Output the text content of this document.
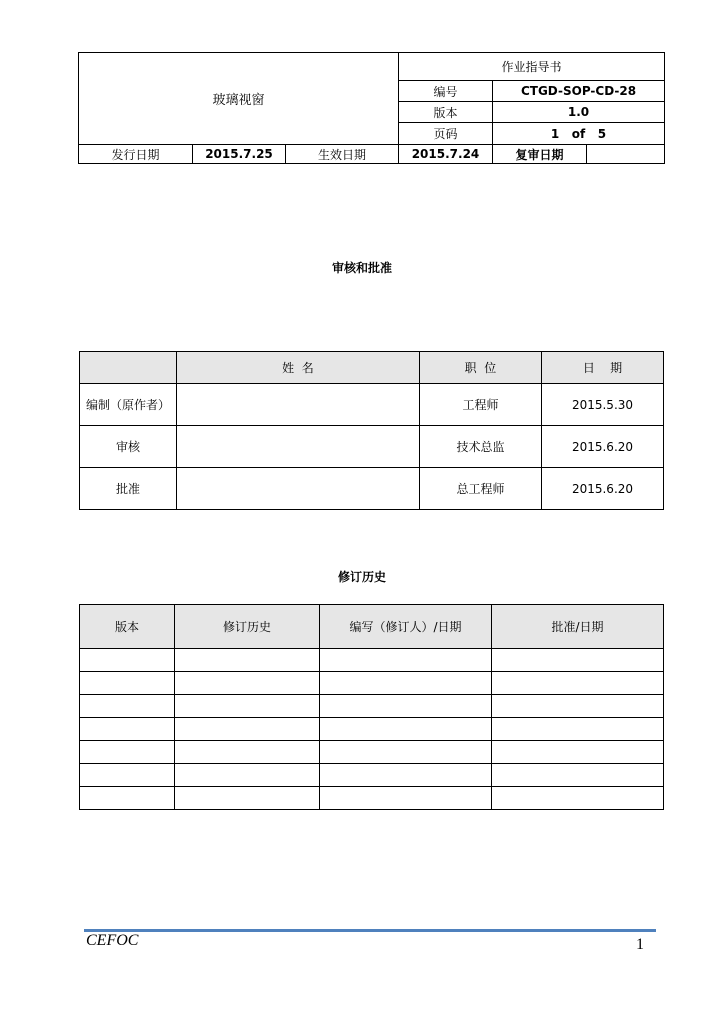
玻璃视窗			作业指导书		
			编号	CTGD-SOP-CD-28	
			版本	1.0	
			页码	1   of   5	
发行日期	2015.7.25	生效日期	2015.7.24	复审日期	
审核和批准
	姓  名	职  位	日    期
编制（原作者）		工程师	2015.5.30
审核		技术总监	2015.6.20
批准		总工程师	2015.6.20
修订历史
版本	修订历史	编写（修订人）/日期	批准/日期

CEFOC	1
